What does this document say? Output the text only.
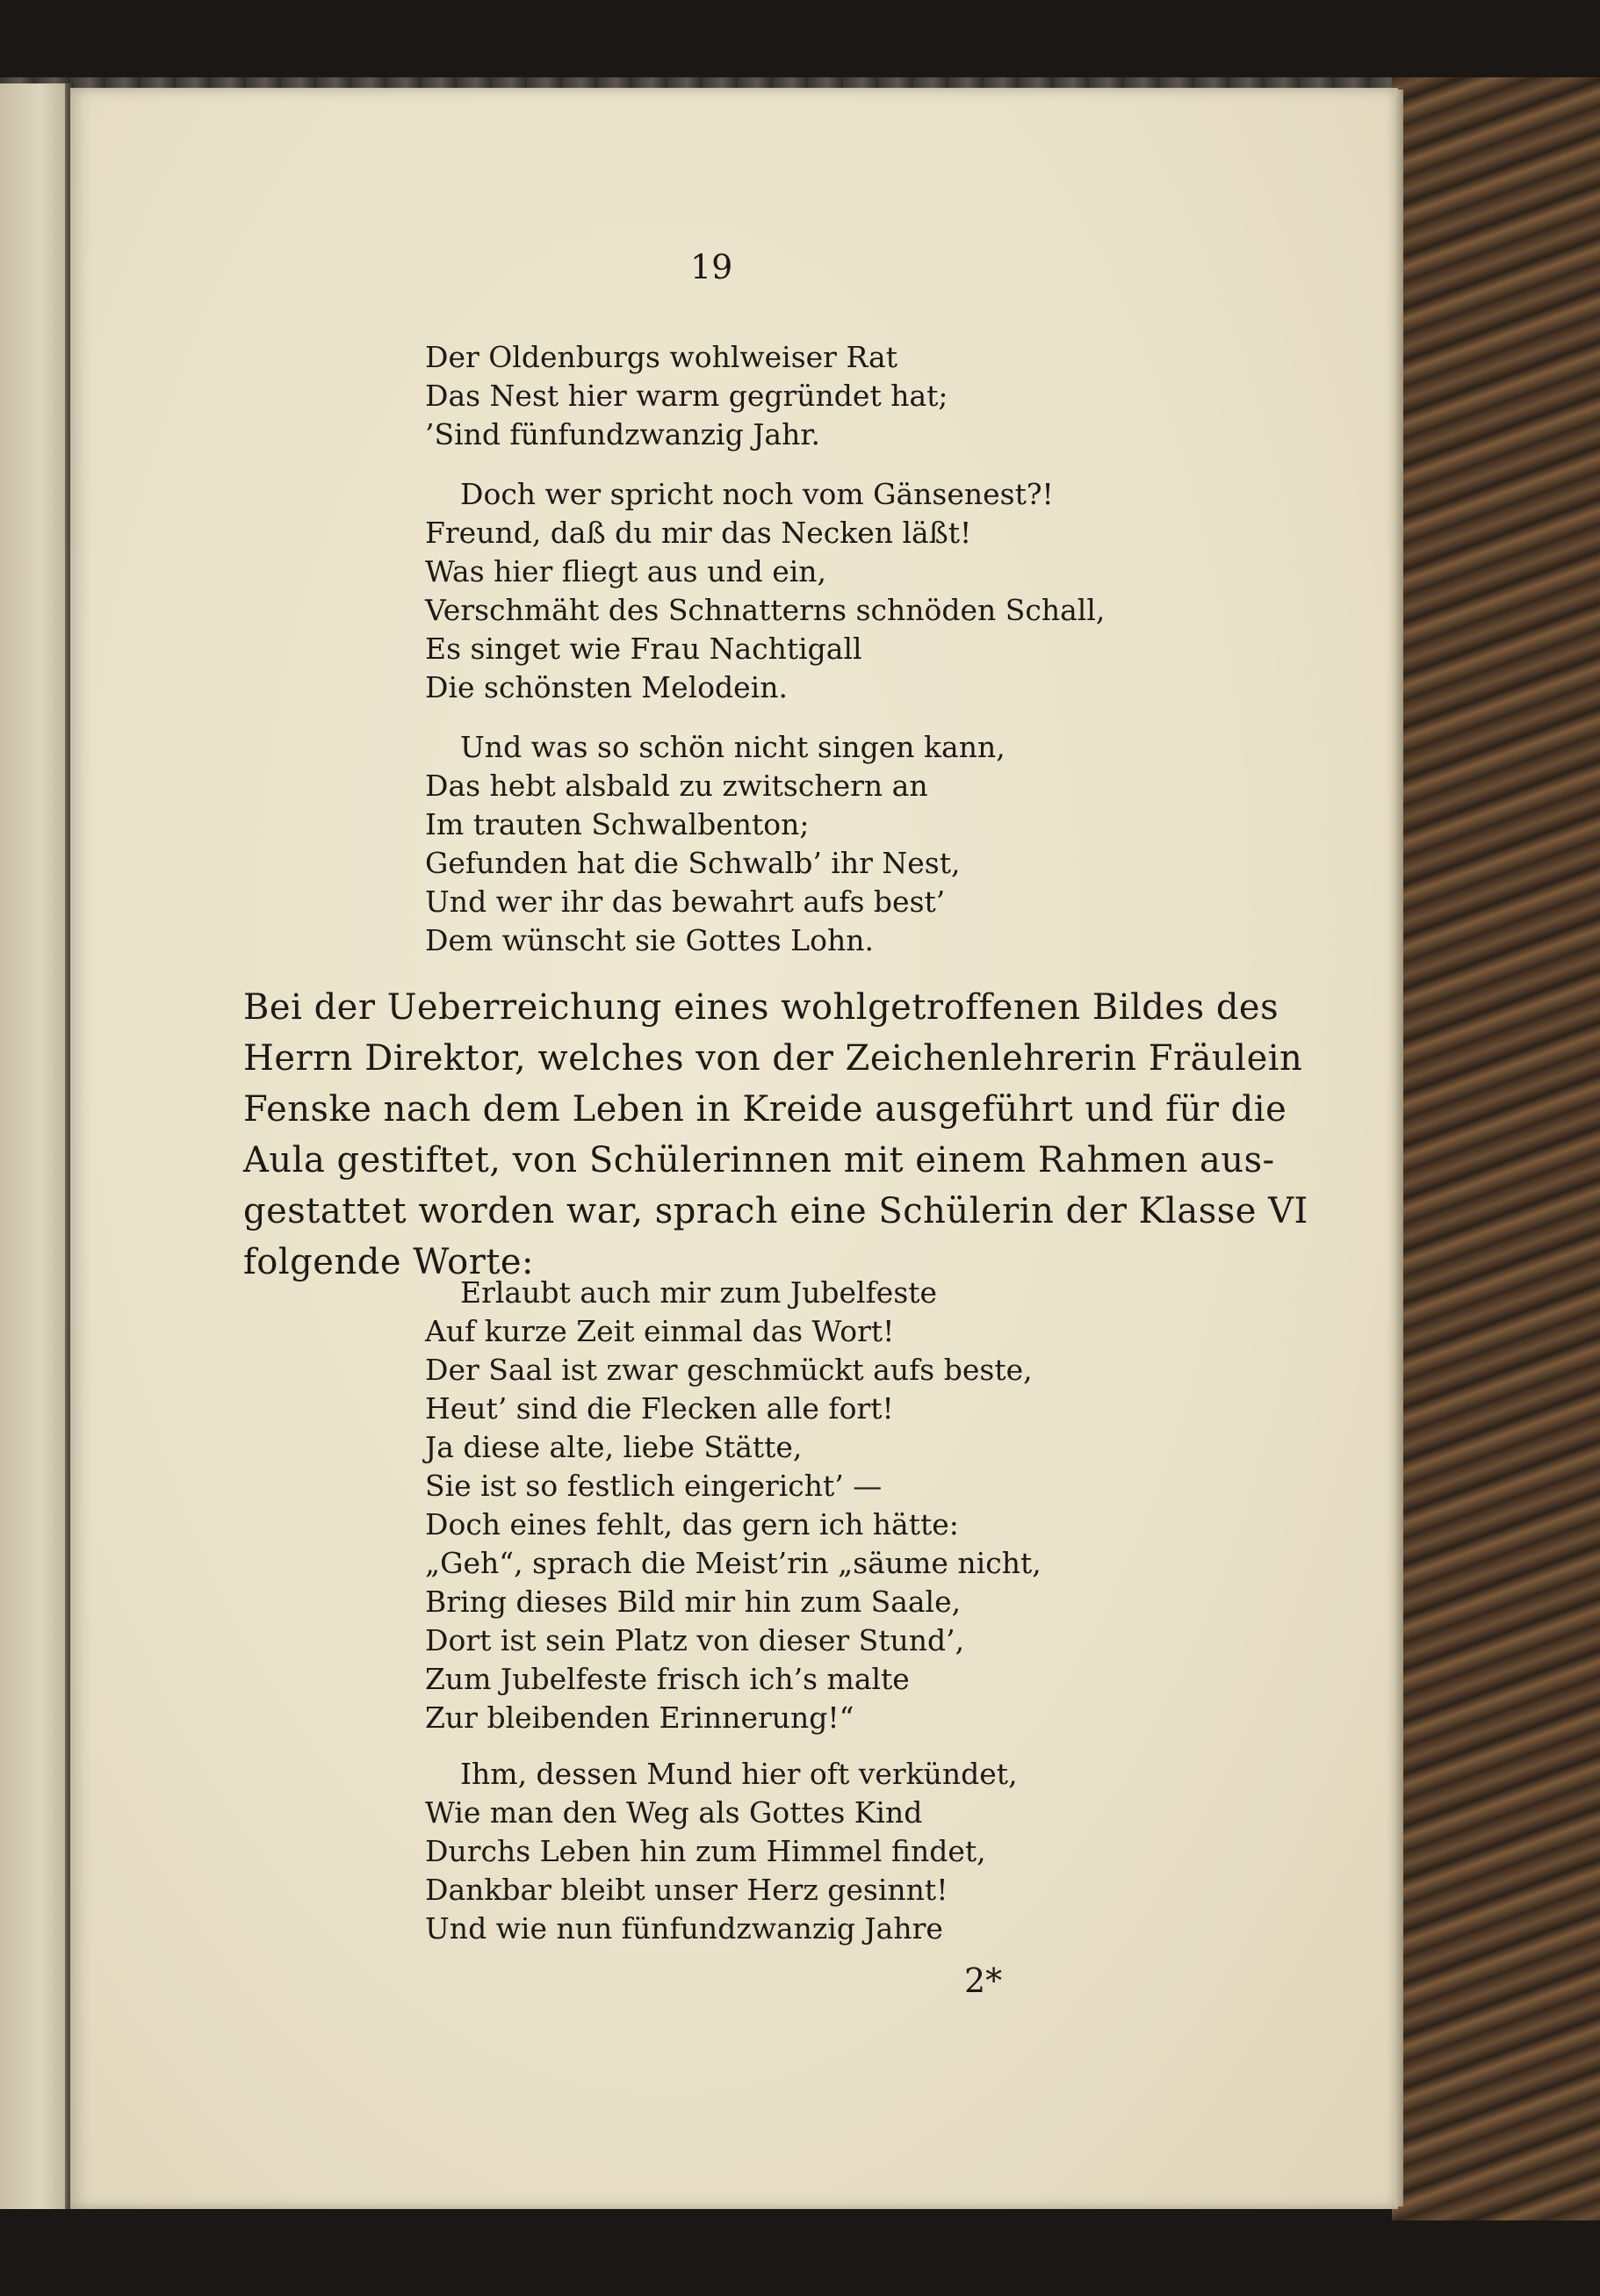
19
Der Oldenburgs wohlweiser Rat
Das Nest hier warm gegründet hat;
’Sind fünfundzwanzig Jahr.
Doch wer spricht noch vom Gänsenest?!
Freund, daß du mir das Necken läßt!
Was hier fliegt aus und ein,
Verschmäht des Schnatterns schnöden Schall,
Es singet wie Frau Nachtigall
Die schönsten Melodein.
Und was so schön nicht singen kann,
Das hebt alsbald zu zwitschern an
Im trauten Schwalbenton;
Gefunden hat die Schwalb’ ihr Nest,
Und wer ihr das bewahrt aufs best’
Dem wünscht sie Gottes Lohn.
Bei der Ueberreichung eines wohlgetroffenen Bildes des
Herrn Direktor, welches von der Zeichenlehrerin Fräulein
Fenske nach dem Leben in Kreide ausgeführt und für die
Aula gestiftet, von Schülerinnen mit einem Rahmen aus-
gestattet worden war, sprach eine Schülerin der Klasse VI
folgende Worte:
Erlaubt auch mir zum Jubelfeste
Auf kurze Zeit einmal das Wort!
Der Saal ist zwar geschmückt aufs beste,
Heut’ sind die Flecken alle fort!
Ja diese alte, liebe Stätte,
Sie ist so festlich eingericht’ —
Doch eines fehlt, das gern ich hätte:
„Geh“, sprach die Meist’rin „säume nicht,
Bring dieses Bild mir hin zum Saale,
Dort ist sein Platz von dieser Stund’,
Zum Jubelfeste frisch ich’s malte
Zur bleibenden Erinnerung!“
Ihm, dessen Mund hier oft verkündet,
Wie man den Weg als Gottes Kind
Durchs Leben hin zum Himmel findet,
Dankbar bleibt unser Herz gesinnt!
Und wie nun fünfundzwanzig Jahre
2*
